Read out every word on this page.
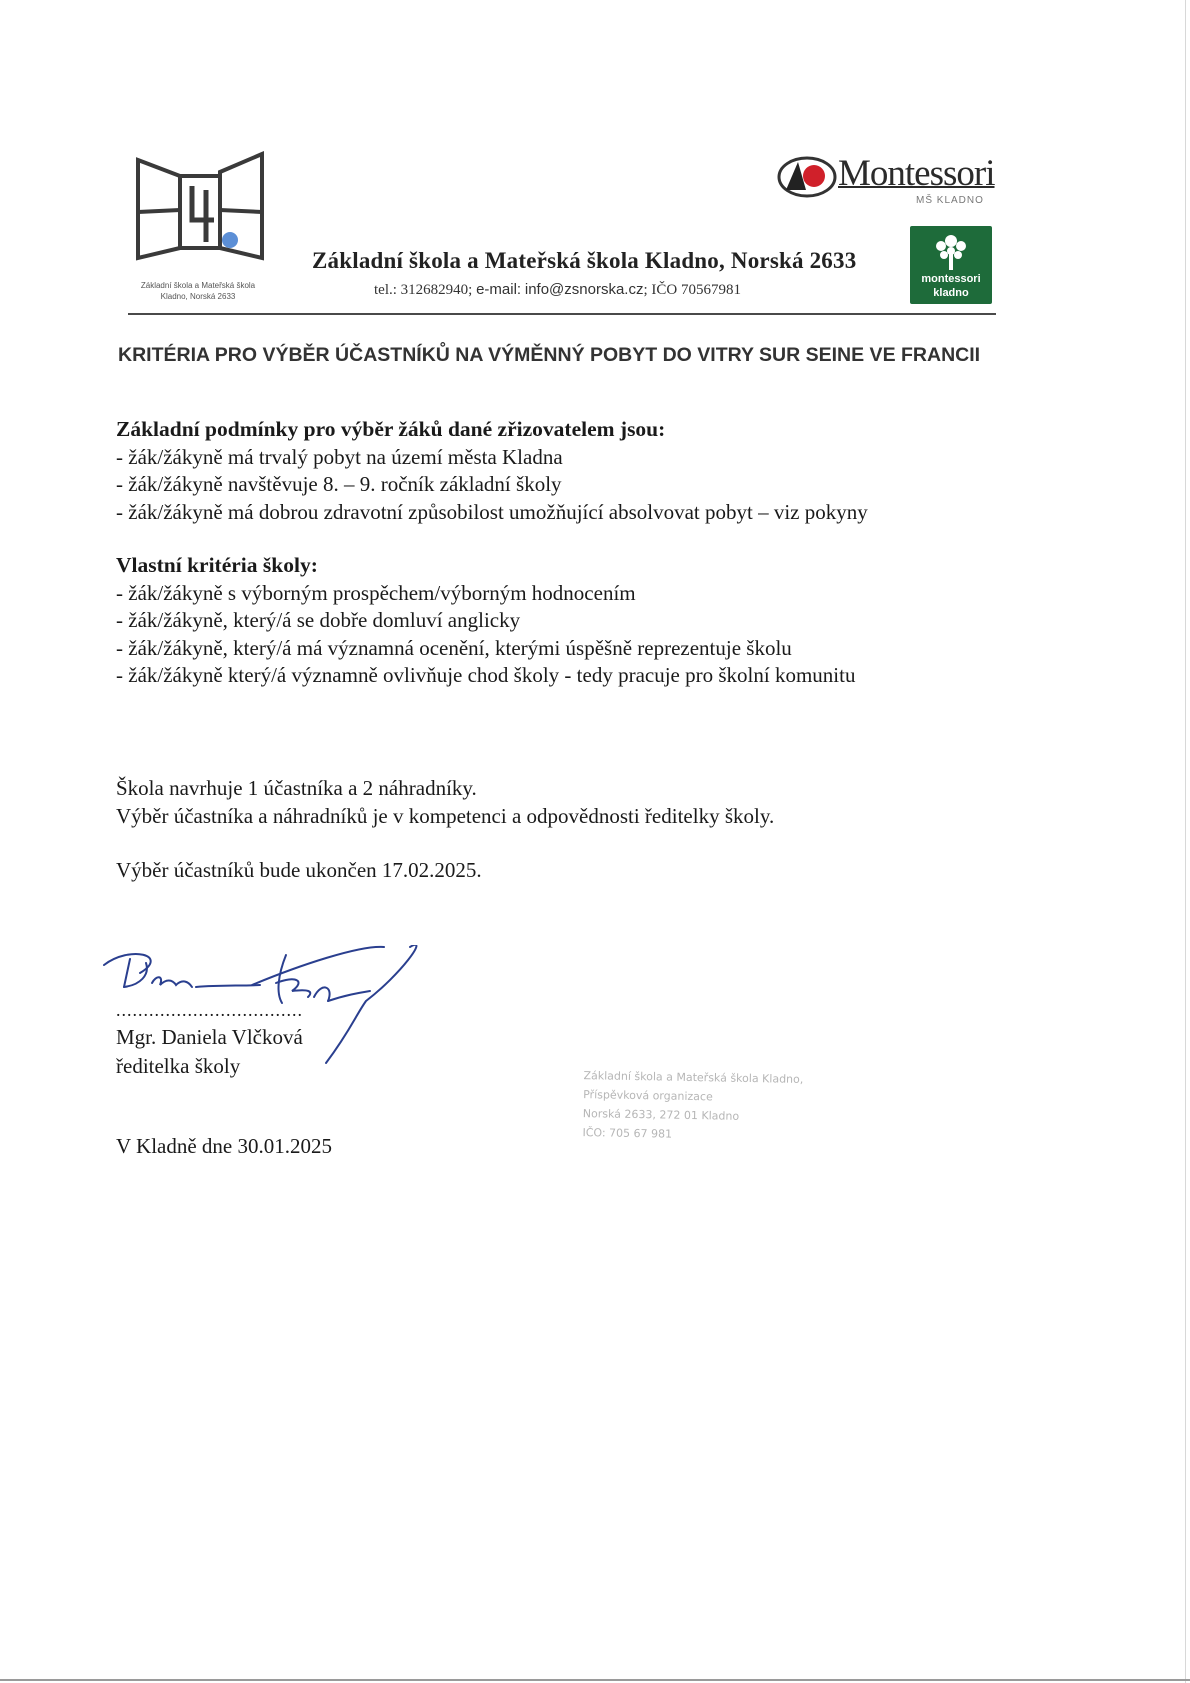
Základní škola a Mateřská škola
Kladno, Norská 2633
Základní škola a Mateřská škola Kladno, Norská 2633
tel.: 312682940; e-mail: info@zsnorska.cz; IČO 70567981
Montessori
MŠ KLADNO
montessori
kladno
KRITÉRIA PRO VÝBĚR ÚČASTNÍKŮ NA VÝMĚNNÝ POBYT DO VITRY SUR SEINE VE FRANCII
Základní podmínky pro výběr žáků dané zřizovatelem jsou:
- žák/žákyně má trvalý pobyt na území města Kladna
- žák/žákyně navštěvuje 8. – 9. ročník základní školy
- žák/žákyně má dobrou zdravotní způsobilost umožňující absolvovat pobyt – viz pokyny
Vlastní kritéria školy:
- žák/žákyně s výborným prospěchem/výborným hodnocením
- žák/žákyně, který/á se dobře domluví anglicky
- žák/žákyně, který/á má významná ocenění, kterými úspěšně reprezentuje školu
- žák/žákyně který/á významně ovlivňuje chod školy - tedy pracuje pro školní komunitu
Škola navrhuje 1 účastníka a 2 náhradníky.
Výběr účastníka a náhradníků je v kompetenci a odpovědnosti ředitelky školy.
Výběr účastníků bude ukončen 17.02.2025.
..................................
Mgr. Daniela Vlčková
ředitelka školy
V Kladně dne 30.01.2025
Základní škola a Mateřská škola Kladno,
Příspěvková organizace
Norská 2633, 272 01 Kladno
IČO: 705 67 981
